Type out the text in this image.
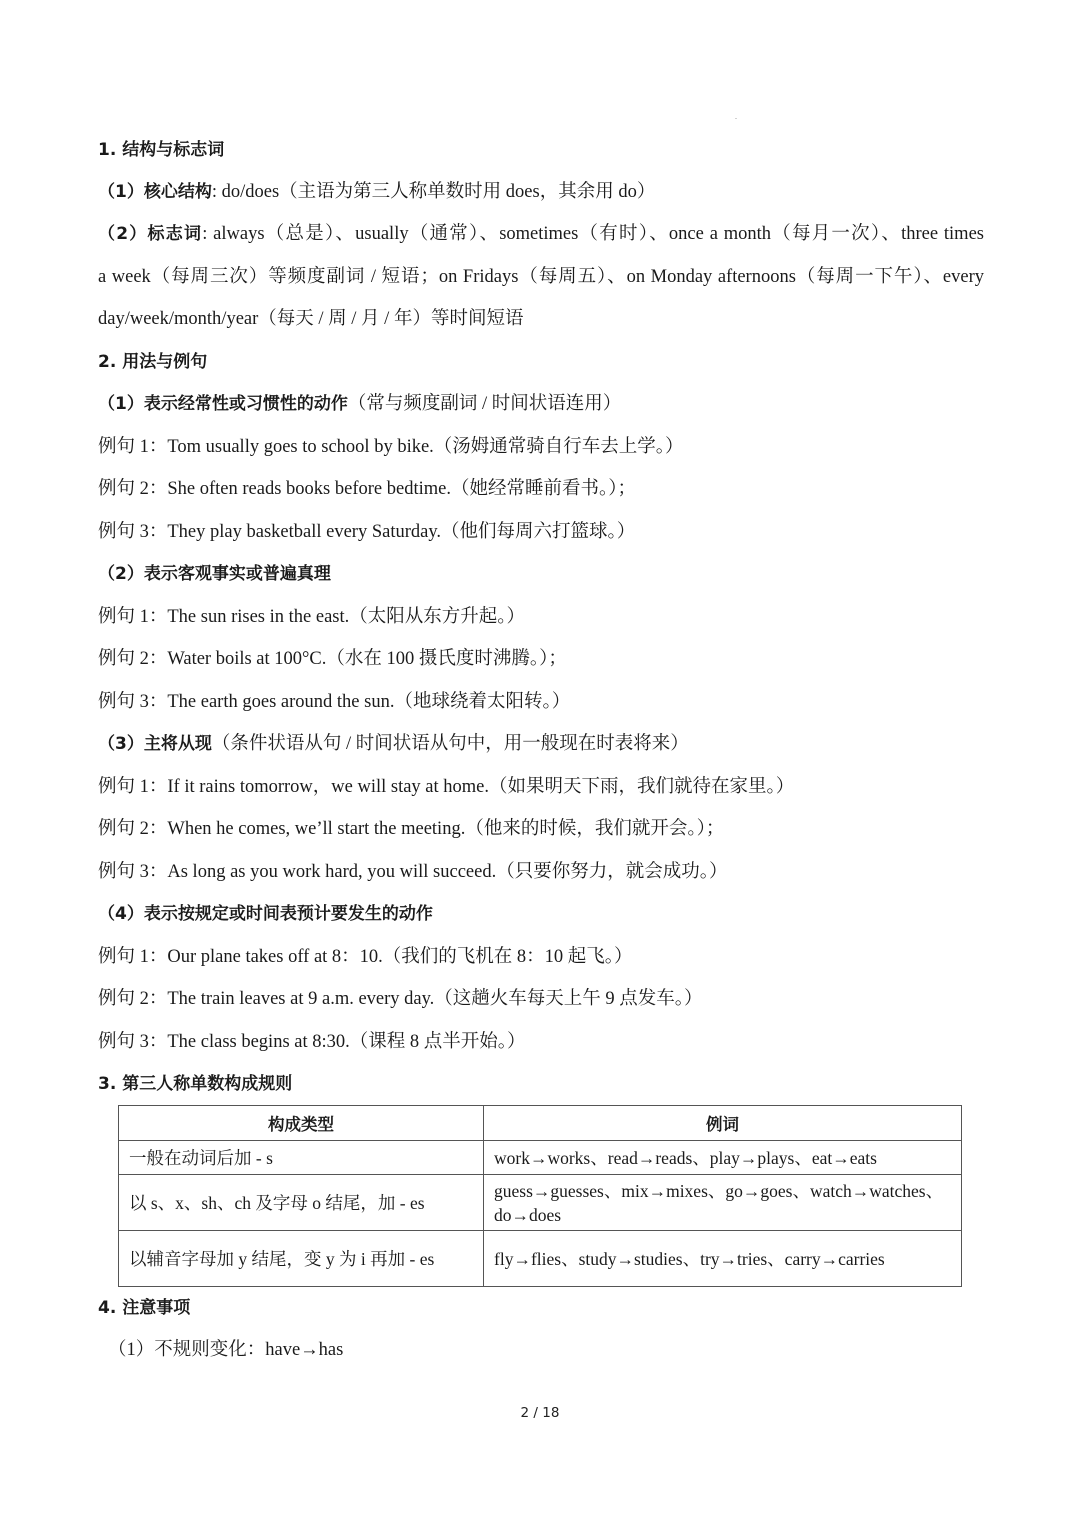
.
1. 结构与标志词
（1）核心结构: do/does（主语为第三人称单数时用 does，其余用 do）
（2）标志词: always（总是）、usually（通常）、sometimes（有时）、once a month（每月一次）、three times
a week（每周三次）等频度副词 / 短语；on Fridays（每周五）、on Monday afternoons（每周一下午）、every
day/week/month/year（每天 / 周 / 月 / 年）等时间短语
2. 用法与例句
（1）表示经常性或习惯性的动作（常与频度副词 / 时间状语连用）
例句 1：Tom usually goes to school by bike.（汤姆通常骑自行车去上学。）
例句 2：She often reads books before bedtime.（她经常睡前看书。）；
例句 3：They play basketball every Saturday.（他们每周六打篮球。）
（2）表示客观事实或普遍真理
例句 1：The sun rises in the east.（太阳从东方升起。）
例句 2：Water boils at 100°C.（水在 100 摄氏度时沸腾。）；
例句 3：The earth goes around the sun.（地球绕着太阳转。）
（3）主将从现（条件状语从句 / 时间状语从句中，用一般现在时表将来）
例句 1：If it rains tomorrow，we will stay at home.（如果明天下雨，我们就待在家里。）
例句 2：When he comes, we’ll start the meeting.（他来的时候，我们就开会。）；
例句 3：As long as you work hard, you will succeed.（只要你努力，就会成功。）
（4）表示按规定或时间表预计要发生的动作
例句 1：Our plane takes off at 8：10.（我们的飞机在 8：10 起飞。）
例句 2：The train leaves at 9 a.m. every day.（这趟火车每天上午 9 点发车。）
例句 3：The class begins at 8:30.（课程 8 点半开始。）
3. 第三人称单数构成规则
构成类型	例词
一般在动词后加 - s	work→works、read→reads、play→plays、eat→eats
以 s、x、sh、ch 及字母 o 结尾，加 - es	guess→guesses、mix→mixes、go→goes、watch→watches、do→does
以辅音字母加 y 结尾，变 y 为 i 再加 - es	fly→flies、study→studies、try→tries、carry→carries
4. 注意事项
（1）不规则变化：have→has
2 / 18
